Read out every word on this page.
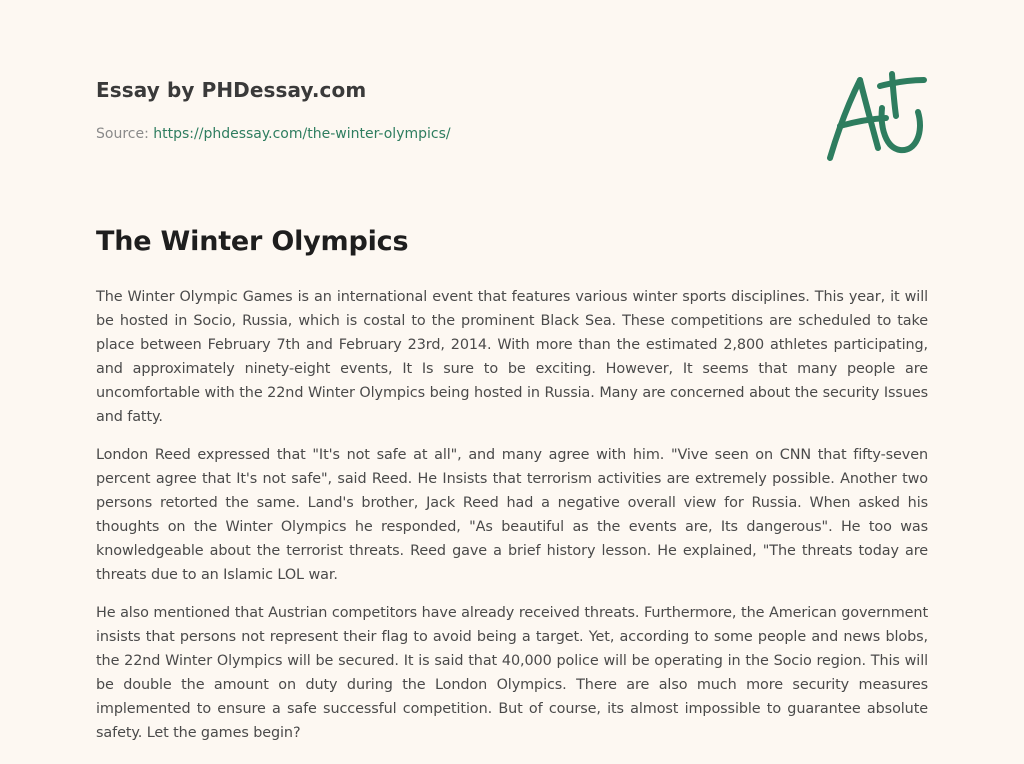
Essay by PHDessay.com
Source: https://phdessay.com/the-winter-olympics/
The Winter Olympics

The Winter Olympic Games is an international event that features various winter sports disciplines. This year, it will be hosted in Socio, Russia, which is costal to the prominent Black Sea. These competitions are scheduled to take place between February 7th and February 23rd, 2014. With more than the estimated 2,800 athletes participating, and approximately ninety-eight events, It Is sure to be exciting. However, It seems that many people are uncomfortable with the 22nd Winter Olympics being hosted in Russia. Many are concerned about the security Issues and fatty.

London Reed expressed that "It's not safe at all", and many agree with him. "Vive seen on CNN that fifty-seven percent agree that It's not safe", said Reed. He Insists that terrorism activities are extremely possible. Another two persons retorted the same. Land's brother, Jack Reed had a negative overall view for Russia. When asked his thoughts on the Winter Olympics he responded, "As beautiful as the events are, Its dangerous". He too was knowledgeable about the terrorist threats. Reed gave a brief history lesson. He explained, "The threats today are threats due to an Islamic LOL war.

He also mentioned that Austrian competitors have already received threats. Furthermore, the American government insists that persons not represent their flag to avoid being a target. Yet, according to some people and news blobs, the 22nd Winter Olympics will be secured. It is said that 40,000 police will be operating in the Socio region. This will be double the amount on duty during the London Olympics. There are also much more security measures implemented to ensure a safe successful competition. But of course, its almost impossible to guarantee absolute safety. Let the games begin?
